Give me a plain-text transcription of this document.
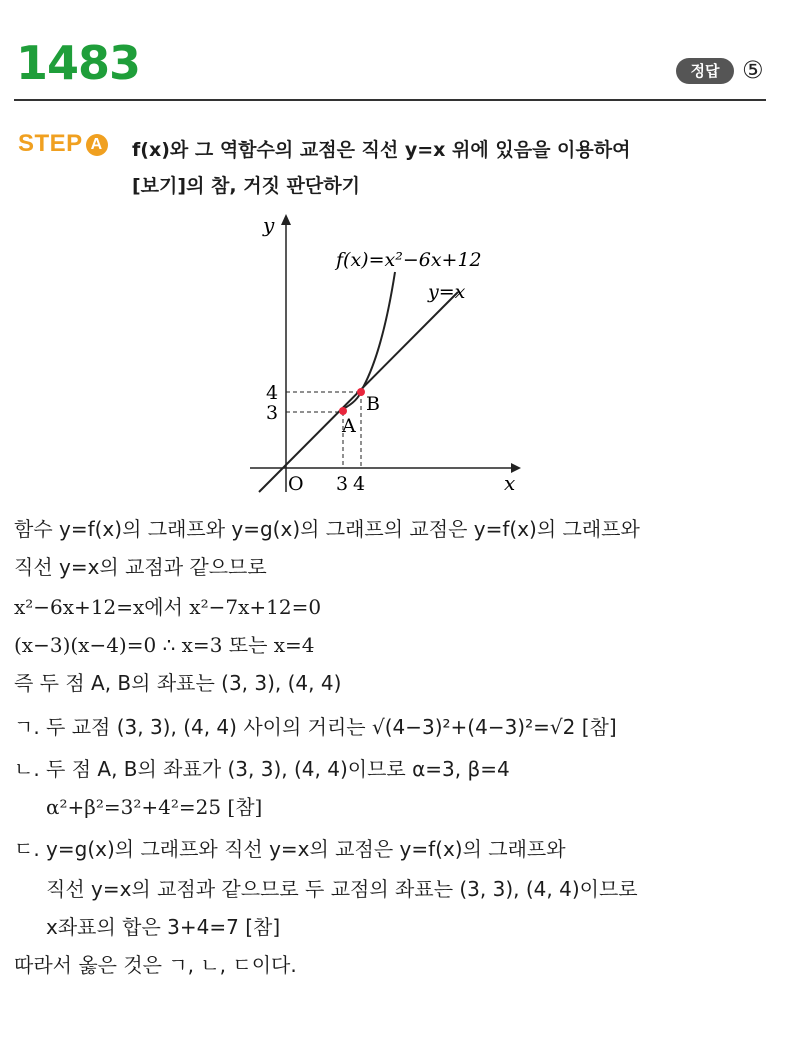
1483	정답 ⑤
STEP A f(x)와 그 역함수의 교점은 직선 y=x 위에 있음을 이용하여
[보기]의 참, 거짓 판단하기
y
x
O 3 4
4
3
A
B
f(x)=x²−6x+12
y=x
함수 y=f(x)의 그래프와 y=g(x)의 그래프의 교점은 y=f(x)의 그래프와
직선 y=x의 교점과 같으므로
x²−6x+12=x에서 x²−7x+12=0
(x−3)(x−4)=0 ∴ x=3 또는 x=4
즉 두 점 A, B의 좌표는 (3, 3), (4, 4)
ㄱ. 두 교점 (3, 3), (4, 4) 사이의 거리는 √(4−3)²+(4−3)²=√2 [참]
ㄴ. 두 점 A, B의 좌표가 (3, 3), (4, 4)이므로 α=3, β=4
α²+β²=3²+4²=25 [참]
ㄷ. y=g(x)의 그래프와 직선 y=x의 교점은 y=f(x)의 그래프와
직선 y=x의 교점과 같으므로 두 교점의 좌표는 (3, 3), (4, 4)이므로
x좌표의 합은 3+4=7 [참]
따라서 옳은 것은 ㄱ, ㄴ, ㄷ이다.
